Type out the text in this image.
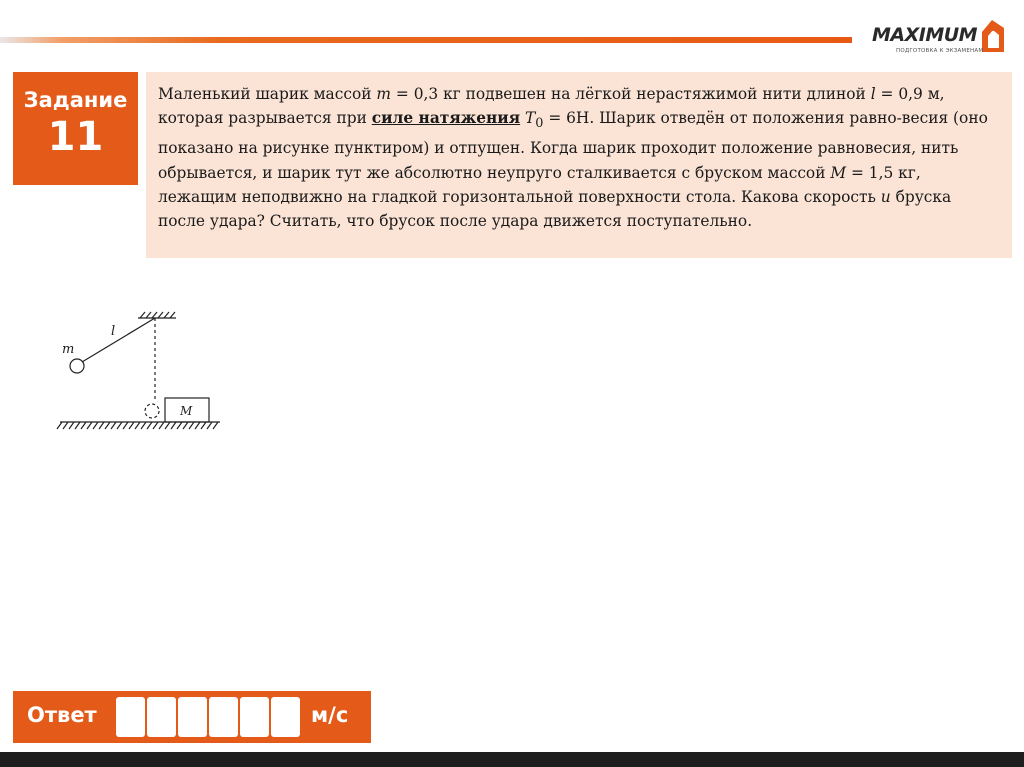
MAXIMUM
ПОДГОТОВКА К ЭКЗАМЕНАМ
Задание
11

Маленький шарик массой m = 0,3 кг подвешен на лёгкой нерастяжимой нити длиной l = 0,9 м, которая разрывается при силе натяжения $T_0 = 6Н$. Шарик отведён от положения равно-весия (оно показано на рисунке пунктиром) и отпущен. Когда шарик проходит положение равновесия, нить обрывается, и шарик тут же абсолютно неупруго сталкивается с бруском массой M = 1,5 кг, лежащим неподвижно на гладкой горизонтальной поверхности стола. Какова скорость u бруска после удара? Считать, что брусок после удара движется поступательно.

m
l
M
Ответ	м/с
